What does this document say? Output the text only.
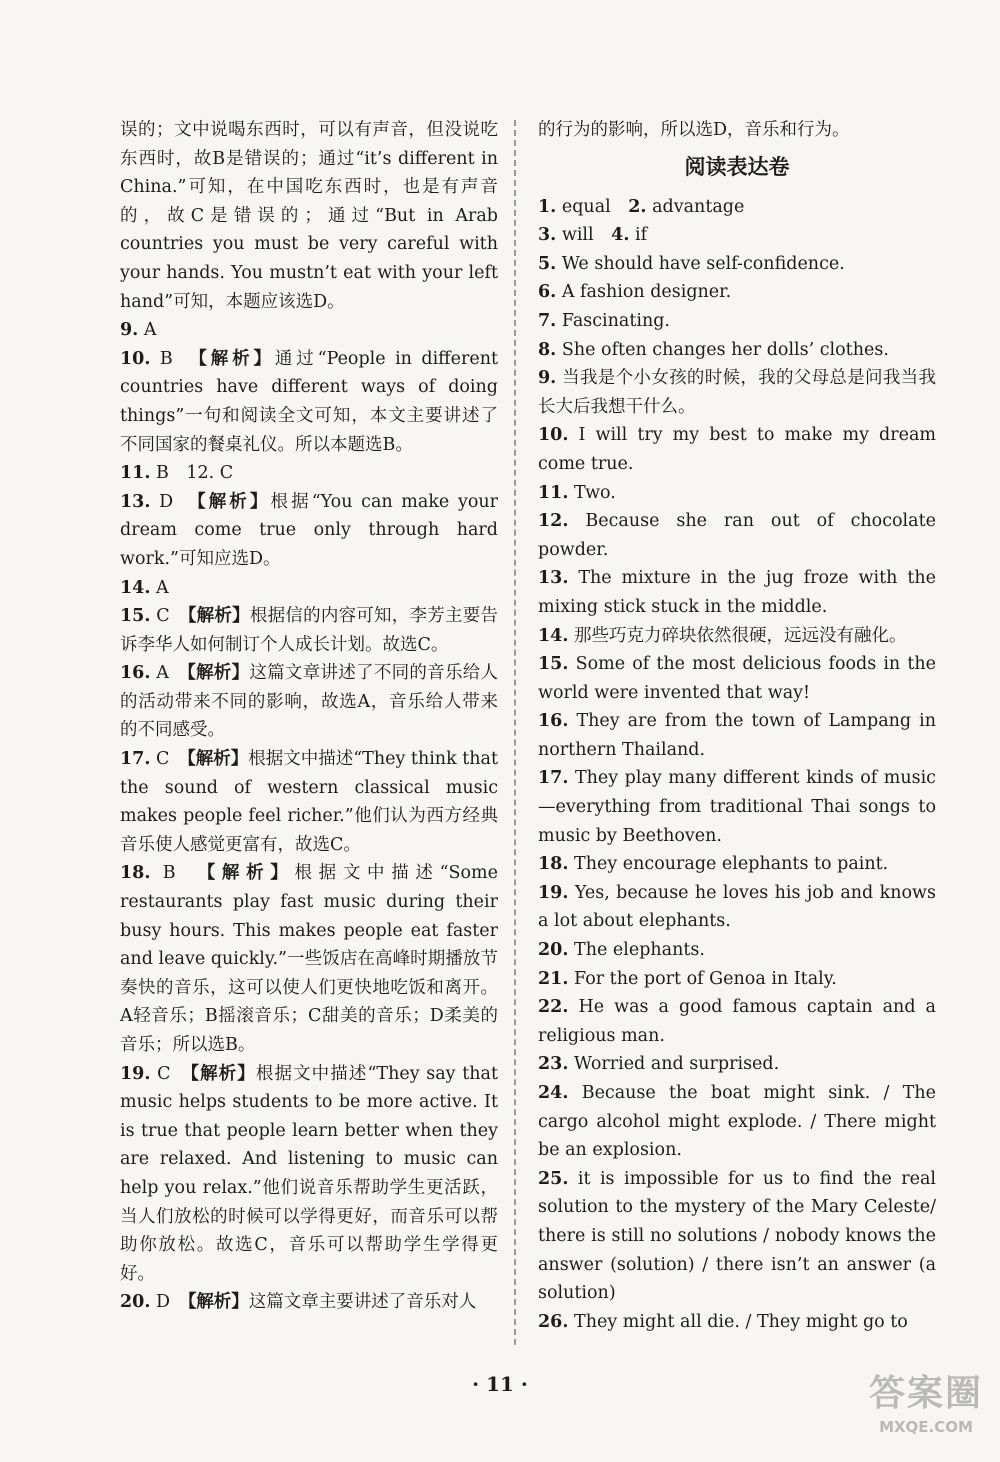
误的；文中说喝东西时，可以有声音，但没说吃东西时，故B是错误的；通过“it’s different in China.”可知，在中国吃东西时，也是有声音的，故C是错误的；通过“But in Arab countries you must be very careful with your hands. You mustn’t eat with your left hand”可知，本题应该选D。
9. A
10. B　 【解析】通过“People in different countries have different ways of doing things”一句和阅读全文可知，本文主要讲述了不同国家的餐桌礼仪。所以本题选B。
11. B　12. C
13. D　 【解析】根据“You can make your dream come true only through hard work.”可知应选D。
14. A
15. C　 【解析】根据信的内容可知，李芳主要告诉李华人如何制订个人成长计划。故选C。
16. A　 【解析】这篇文章讲述了不同的音乐给人的活动带来不同的影响，故选A，音乐给人带来的不同感受。
17. C　 【解析】根据文中描述“They think that the sound of western classical music makes people feel richer.”他们认为西方经典音乐使人感觉更富有，故选C。
18. B　 【解析】根据文中描述“Some restaurants play fast music during their busy hours. This makes people eat faster and leave quickly.”一些饭店在高峰时期播放节奏快的音乐，这可以使人们更快地吃饭和离开。A轻音乐；B摇滚音乐；C甜美的音乐；D柔美的音乐；所以选B。
19. C　 【解析】根据文中描述“They say that music helps students to be more active. It is true that people learn better when they are relaxed. And listening to music can help you relax.”他们说音乐帮助学生更活跃，当人们放松的时候可以学得更好，而音乐可以帮助你放松。故选C，音乐可以帮助学生学得更好。
20. D　 【解析】这篇文章主要讲述了音乐对人
的行为的影响，所以选D，音乐和行为。
阅读表达卷
1. equal　2. advantage
3. will　4. if
5. We should have self-confidence.
6. A fashion designer.
7. Fascinating.
8. She often changes her dolls’ clothes.
9. 当我是个小女孩的时候，我的父母总是问我当我长大后我想干什么。
10. I will try my best to make my dream come true.
11. Two.
12. Because she ran out of chocolate powder.
13. The mixture in the jug froze with the mixing stick stuck in the middle.
14. 那些巧克力碎块依然很硬，远远没有融化。
15. Some of the most delicious foods in the world were invented that way!
16. They are from the town of Lampang in northern Thailand.
17. They play many different kinds of music—everything from traditional Thai songs to music by Beethoven.
18. They encourage elephants to paint.
19. Yes, because he loves his job and knows a lot about elephants.
20. The elephants.
21. For the port of Genoa in Italy.
22. He was a good famous captain and a religious man.
23. Worried and surprised.
24. Because the boat might sink. / The cargo alcohol might explode. / There might be an explosion.
25. it is impossible for us to find the real solution to the mystery of the Mary Celeste/ there is still no solutions / nobody knows the answer (solution) / there isn’t an answer (a solution)
26. They might all die. / They might go to
· 11 ·	答案圈
MXQE.COM
